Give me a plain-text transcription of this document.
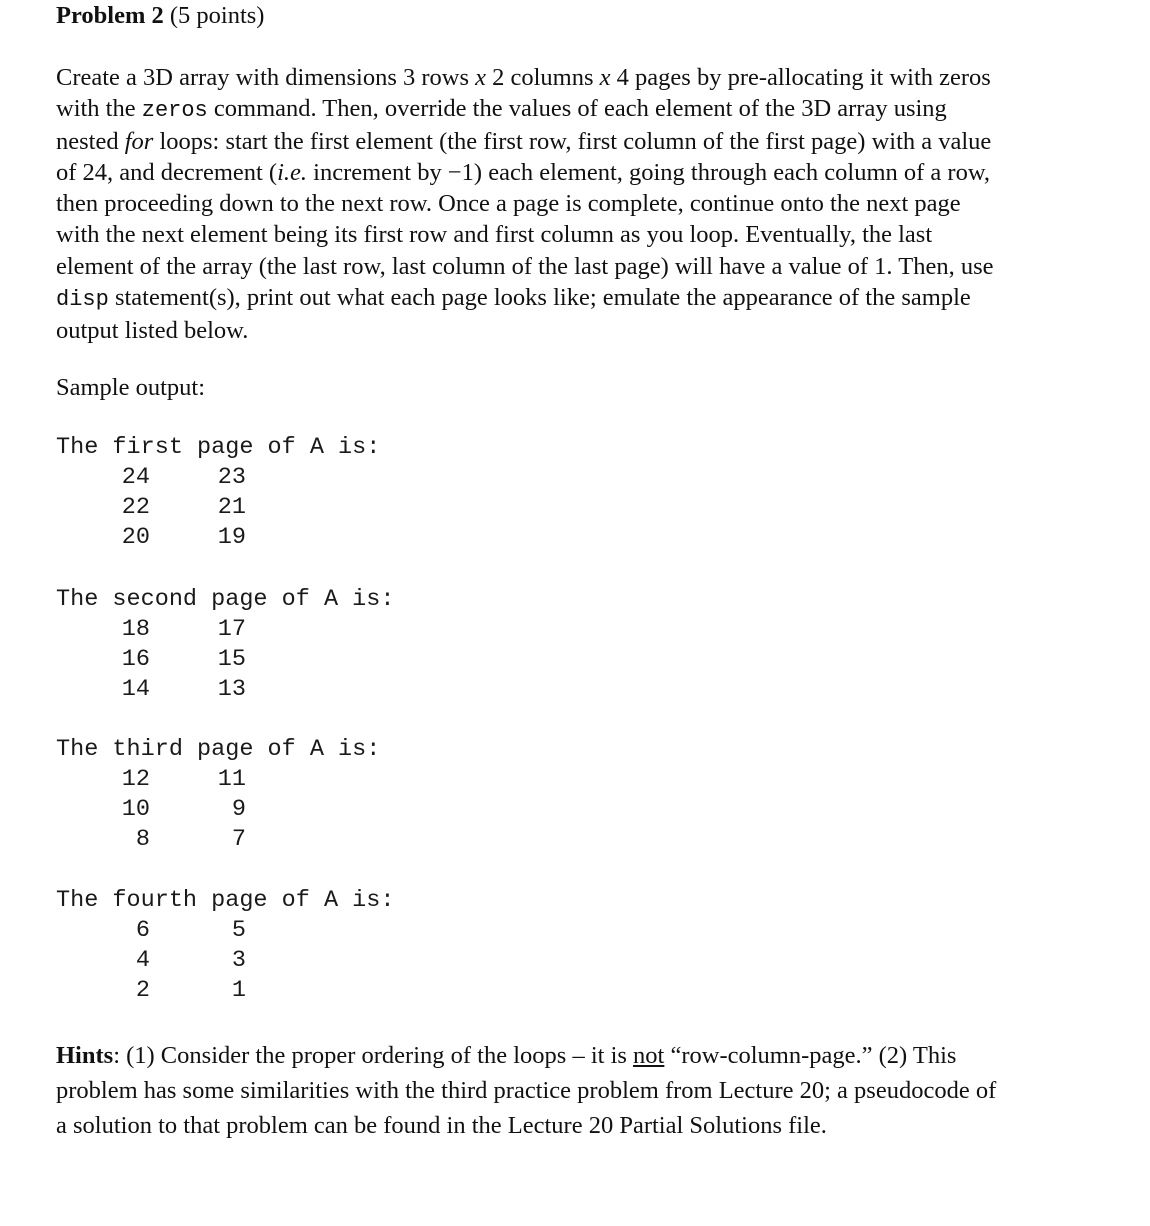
Problem 2 (5 points)
Create a 3D array with dimensions 3 rows x 2 columns x 4 pages by pre-allocating it with zeros
with the zeros command. Then, override the values of each element of the 3D array using
nested for loops: start the first element (the first row, first column of the first page) with a value
of 24, and decrement (i.e. increment by −1) each element, going through each column of a row,
then proceeding down to the next row. Once a page is complete, continue onto the next page
with the next element being its first row and first column as you loop. Eventually, the last
element of the array (the last row, last column of the last page) will have a value of 1. Then, use
disp statement(s), print out what each page looks like; emulate the appearance of the sample
output listed below.
Sample output:
The first page of A is:
24	23
22	21
20	19
The second page of A is:
18	17
16	15
14	13
The third page of A is:
12	11
10	9
8	7
The fourth page of A is:
6	5
4	3
2	1
Hints: (1) Consider the proper ordering of the loops – it is not “row-column-page.” (2) This
problem has some similarities with the third practice problem from Lecture 20; a pseudocode of
a solution to that problem can be found in the Lecture 20 Partial Solutions file.
